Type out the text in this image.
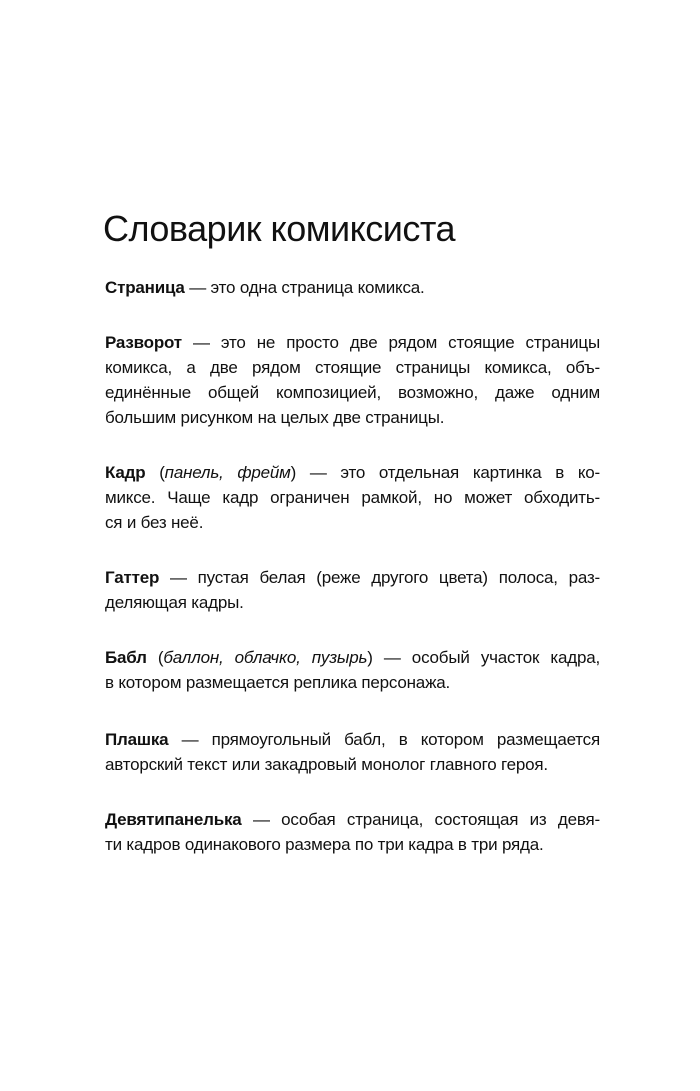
Словарик комиксиста
Страница — это одна страница комикса.
Разворот — это не просто две рядом стоящие страницы
комикса, а две рядом стоящие страницы комикса, объ-
единённые общей композицией, возможно, даже одним
большим рисунком на целых две страницы.
Кадр (панель, фрейм) — это отдельная картинка в ко-
миксе. Чаще кадр ограничен рамкой, но может обходить-
ся и без неё.
Гаттер — пустая белая (реже другого цвета) полоса, раз-
деляющая кадры.
Бабл (баллон, облачко, пузырь) — особый участок кадра,
в котором размещается реплика персонажа.
Плашка — прямоугольный бабл, в котором размещается
авторский текст или закадровый монолог главного героя.
Девятипанелька — особая страница, состоящая из девя-
ти кадров одинакового размера по три кадра в три ряда.
